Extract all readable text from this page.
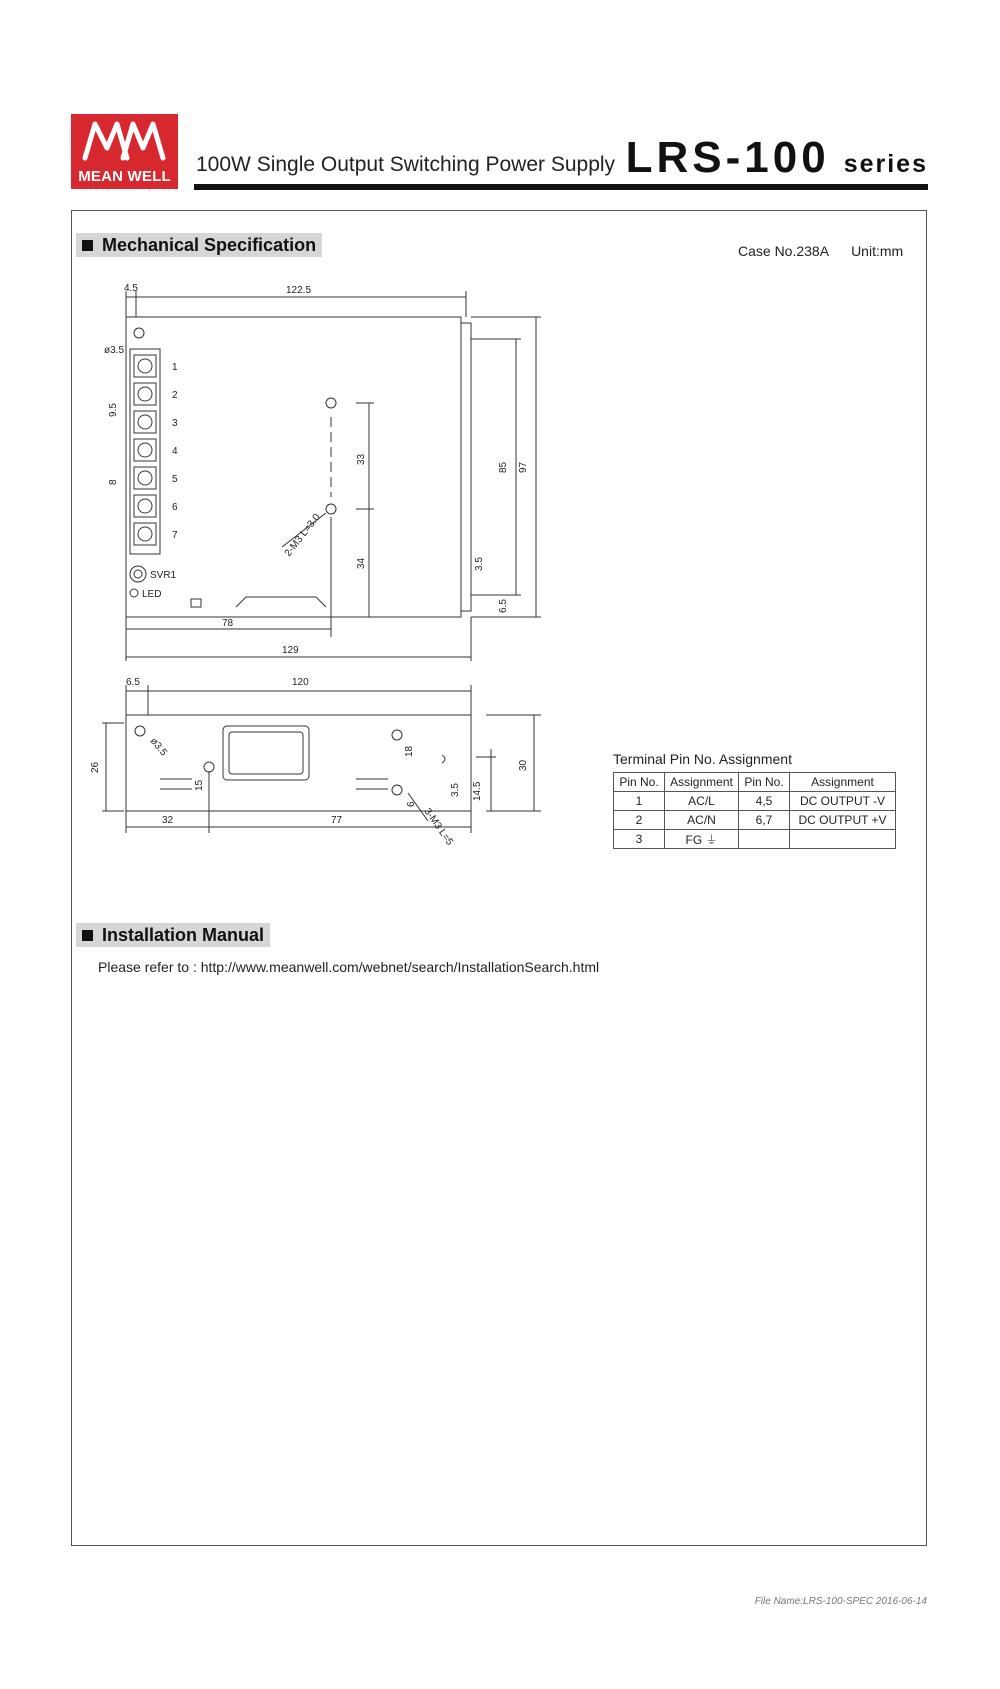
MW
MEAN WELL
100W Single Output Switching Power Supply LRS-100 series
Mechanical Specification	Case No.238A Unit:mm
1
2
3
4
5
6
7
SVR1
LED
4.5	122.5
ø3.5
9.5
8
33
34
2-M3 L=3.0
85 97
3.5
6.5
78
129
6.5	120
ø3.5
26
15
18
6
3-M3 L=5
3.5 14.5
30
32	77
Terminal Pin No. Assignment
Pin No.	Assignment	Pin No.	Assignment
1	AC/L	4,5	DC OUTPUT -V
2	AC/N	6,7	DC OUTPUT +V
3	FG ⏚		
Installation Manual
Please refer to : http://www.meanwell.com/webnet/search/InstallationSearch.html
File Name:LRS-100-SPEC 2016-06-14
